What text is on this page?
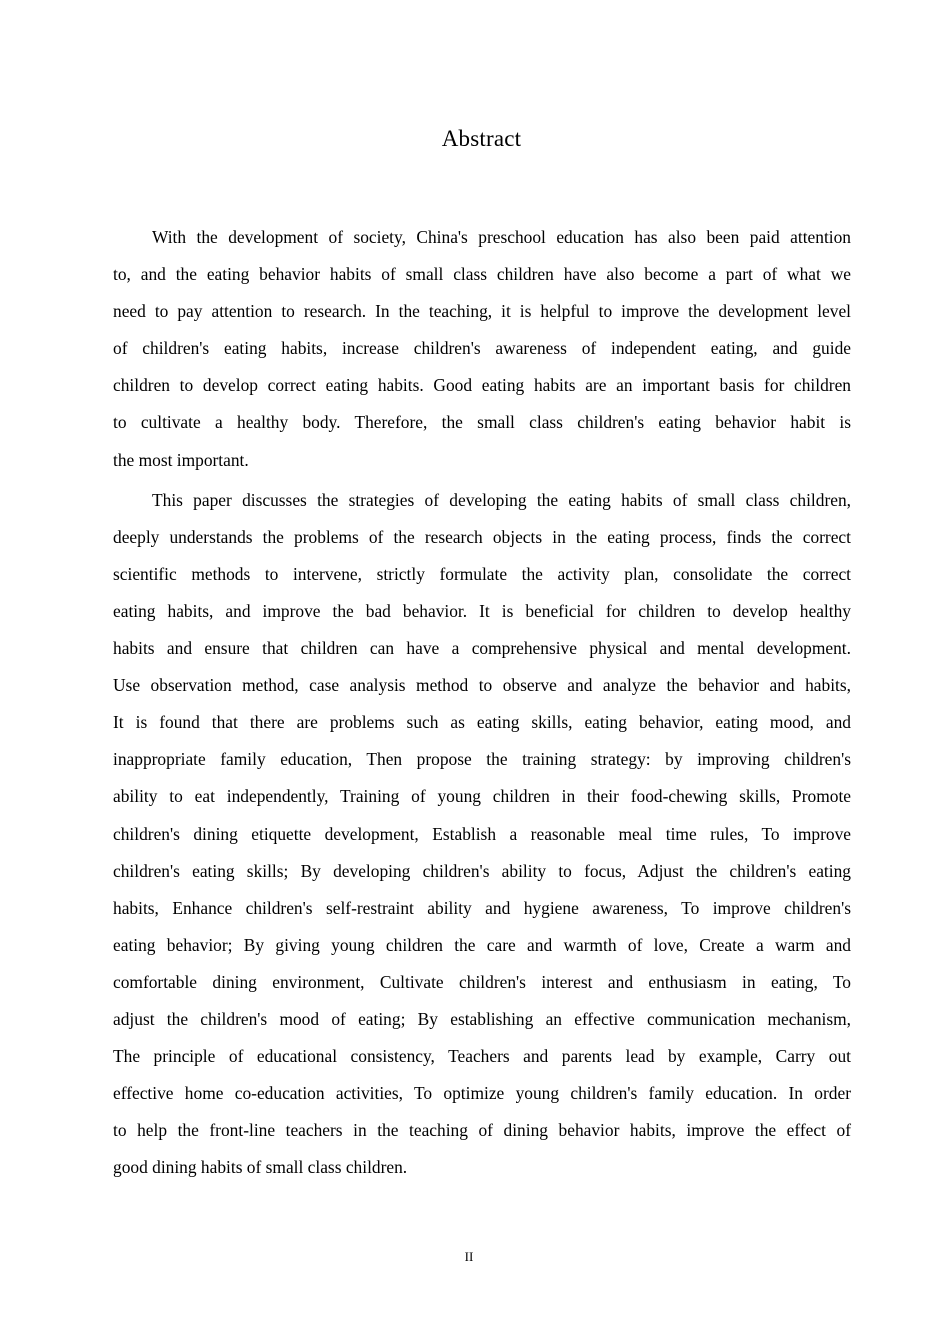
Abstract
With the development of society, China's preschool education has also been paid attention
to, and the eating behavior habits of small class children have also become a part of what we
need to pay attention to research. In the teaching, it is helpful to improve the development level
of children's eating habits, increase children's awareness of independent eating, and guide
children to develop correct eating habits. Good eating habits are an important basis for children
to cultivate a healthy body. Therefore, the small class children's eating behavior habit is
the most important.
This paper discusses the strategies of developing the eating habits of small class children,
deeply understands the problems of the research objects in the eating process, finds the correct
scientific methods to intervene, strictly formulate the activity plan, consolidate the correct
eating habits, and improve the bad behavior. It is beneficial for children to develop healthy
habits and ensure that children can have a comprehensive physical and mental development.
Use observation method, case analysis method to observe and analyze the behavior and habits,
It is found that there are problems such as eating skills, eating behavior, eating mood, and
inappropriate family education, Then propose the training strategy: by improving children's
ability to eat independently, Training of young children in their food-chewing skills, Promote
children's dining etiquette development, Establish a reasonable meal time rules, To improve
children's eating skills; By developing children's ability to focus, Adjust the children's eating
habits, Enhance children's self-restraint ability and hygiene awareness, To improve children's
eating behavior; By giving young children the care and warmth of love, Create a warm and
comfortable dining environment, Cultivate children's interest and enthusiasm in eating, To
adjust the children's mood of eating; By establishing an effective communication mechanism,
The principle of educational consistency, Teachers and parents lead by example, Carry out
effective home co-education activities, To optimize young children's family education. In order
to help the front-line teachers in the teaching of dining behavior habits, improve the effect of
good dining habits of small class children.
II
